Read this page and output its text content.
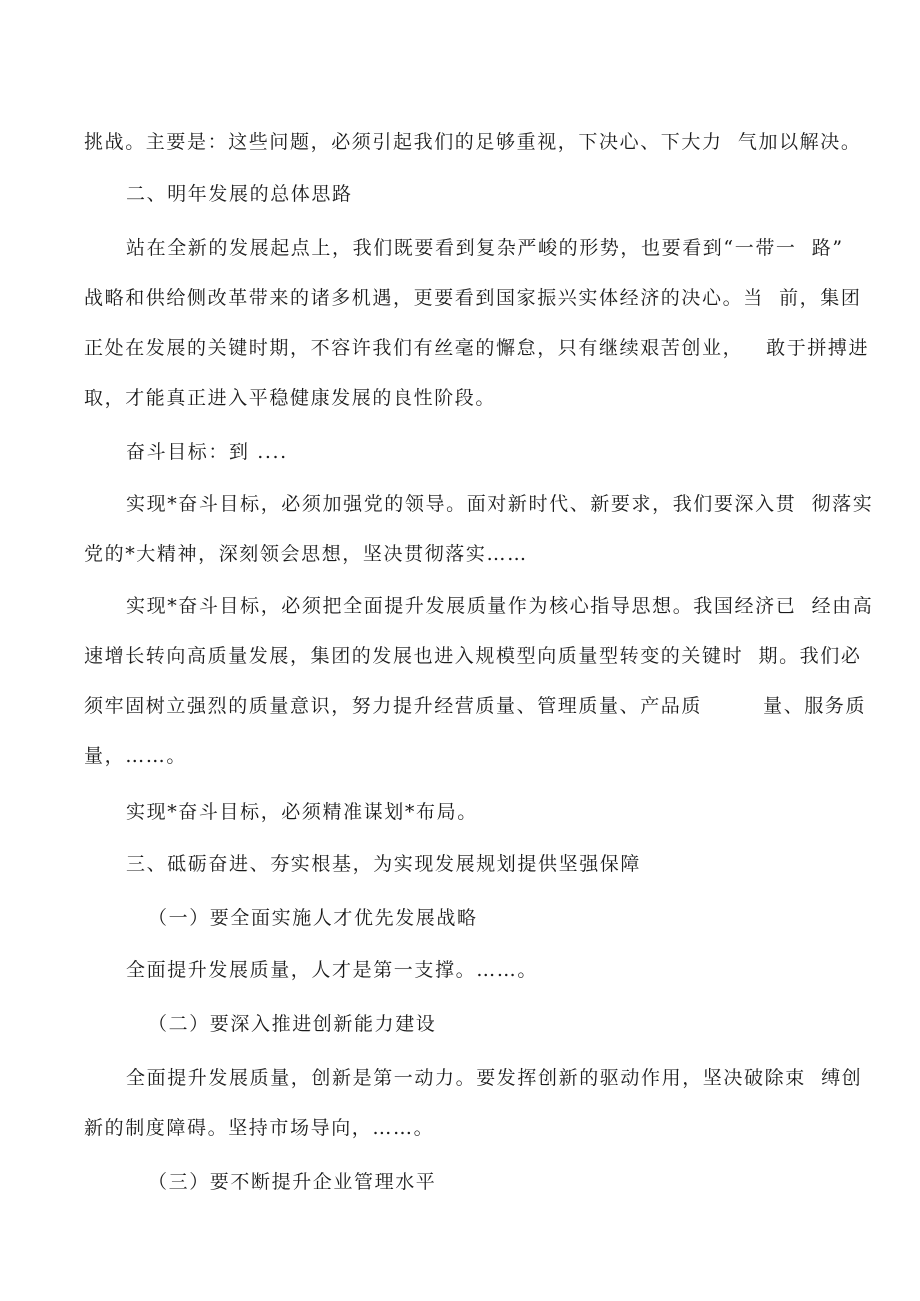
挑战。主要是：这些问题，必须引起我们的足够重视，下决心、下大力  气加以解决。
二、明年发展的总体思路
站在全新的发展起点上，我们既要看到复杂严峻的形势，也要看到“一带一  路”
战略和供给侧改革带来的诸多机遇，更要看到国家振兴实体经济的决心。当  前，集团
正处在发展的关键时期，不容许我们有丝毫的懈怠，只有继续艰苦创业，   敢于拼搏进
取，才能真正进入平稳健康发展的良性阶段。
奋斗目标：到 ....
实现*奋斗目标，必须加强党的领导。面对新时代、新要求，我们要深入贯  彻落实
党的*大精神，深刻领会思想，坚决贯彻落实……
实现*奋斗目标，必须把全面提升发展质量作为核心指导思想。我国经济已  经由高
速增长转向高质量发展，集团的发展也进入规模型向质量型转变的关键时  期。我们必
须牢固树立强烈的质量意识，努力提升经营质量、管理质量、产品质        量、服务质
量，……。
实现*奋斗目标，必须精准谋划*布局。
三、砥砺奋进、夯实根基，为实现发展规划提供坚强保障
（一）要全面实施人才优先发展战略
全面提升发展质量，人才是第一支撑。……。
（二）要深入推进创新能力建设
全面提升发展质量，创新是第一动力。要发挥创新的驱动作用，坚决破除束  缚创
新的制度障碍。坚持市场导向，……。
（三）要不断提升企业管理水平
